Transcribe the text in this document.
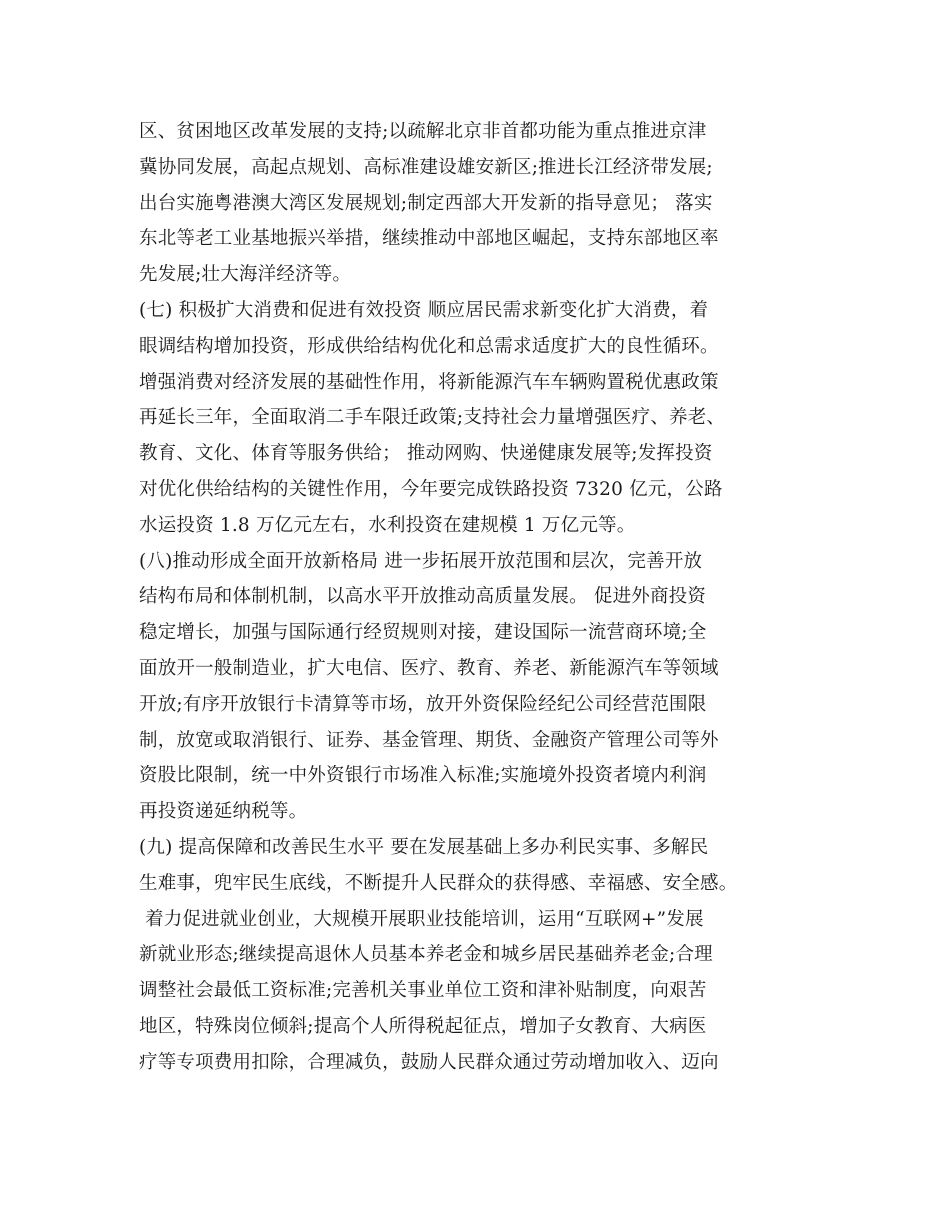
区、贫困地区改革发展的支持;以疏解北京非首都功能为重点推进京津
冀协同发展，高起点规划、高标准建设雄安新区;推进长江经济带发展;
出台实施粤港澳大湾区发展规划;制定西部大开发新的指导意见； 落实
东北等老工业基地振兴举措，继续推动中部地区崛起，支持东部地区率
先发展;壮大海洋经济等。
(七) 积极扩大消费和促进有效投资 顺应居民需求新变化扩大消费，着
眼调结构增加投资，形成供给结构优化和总需求适度扩大的良性循环。
增强消费对经济发展的基础性作用，将新能源汽车车辆购置税优惠政策
再延长三年，全面取消二手车限迁政策;支持社会力量增强医疗、养老、
教育、文化、体育等服务供给； 推动网购、快递健康发展等;发挥投资
对优化供给结构的关键性作用，今年要完成铁路投资 7320 亿元，公路
水运投资 1.8 万亿元左右，水利投资在建规模 1 万亿元等。
(八)推动形成全面开放新格局 进一步拓展开放范围和层次，完善开放
结构布局和体制机制，以高水平开放推动高质量发展。 促进外商投资
稳定增长，加强与国际通行经贸规则对接，建设国际一流营商环境;全
面放开一般制造业，扩大电信、医疗、教育、养老、新能源汽车等领域
开放;有序开放银行卡清算等市场，放开外资保险经纪公司经营范围限
制，放宽或取消银行、证券、基金管理、期货、金融资产管理公司等外
资股比限制，统一中外资银行市场准入标准;实施境外投资者境内利润
再投资递延纳税等。
(九) 提高保障和改善民生水平 要在发展基础上多办利民实事、多解民
生难事，兜牢民生底线，不断提升人民群众的获得感、幸福感、安全感。
着力促进就业创业，大规模开展职业技能培训，运用“互联网+”发展
新就业形态;继续提高退休人员基本养老金和城乡居民基础养老金;合理
调整社会最低工资标准;完善机关事业单位工资和津补贴制度，向艰苦
地区，特殊岗位倾斜;提高个人所得税起征点，增加子女教育、大病医
疗等专项费用扣除，合理减负，鼓励人民群众通过劳动增加收入、迈向
